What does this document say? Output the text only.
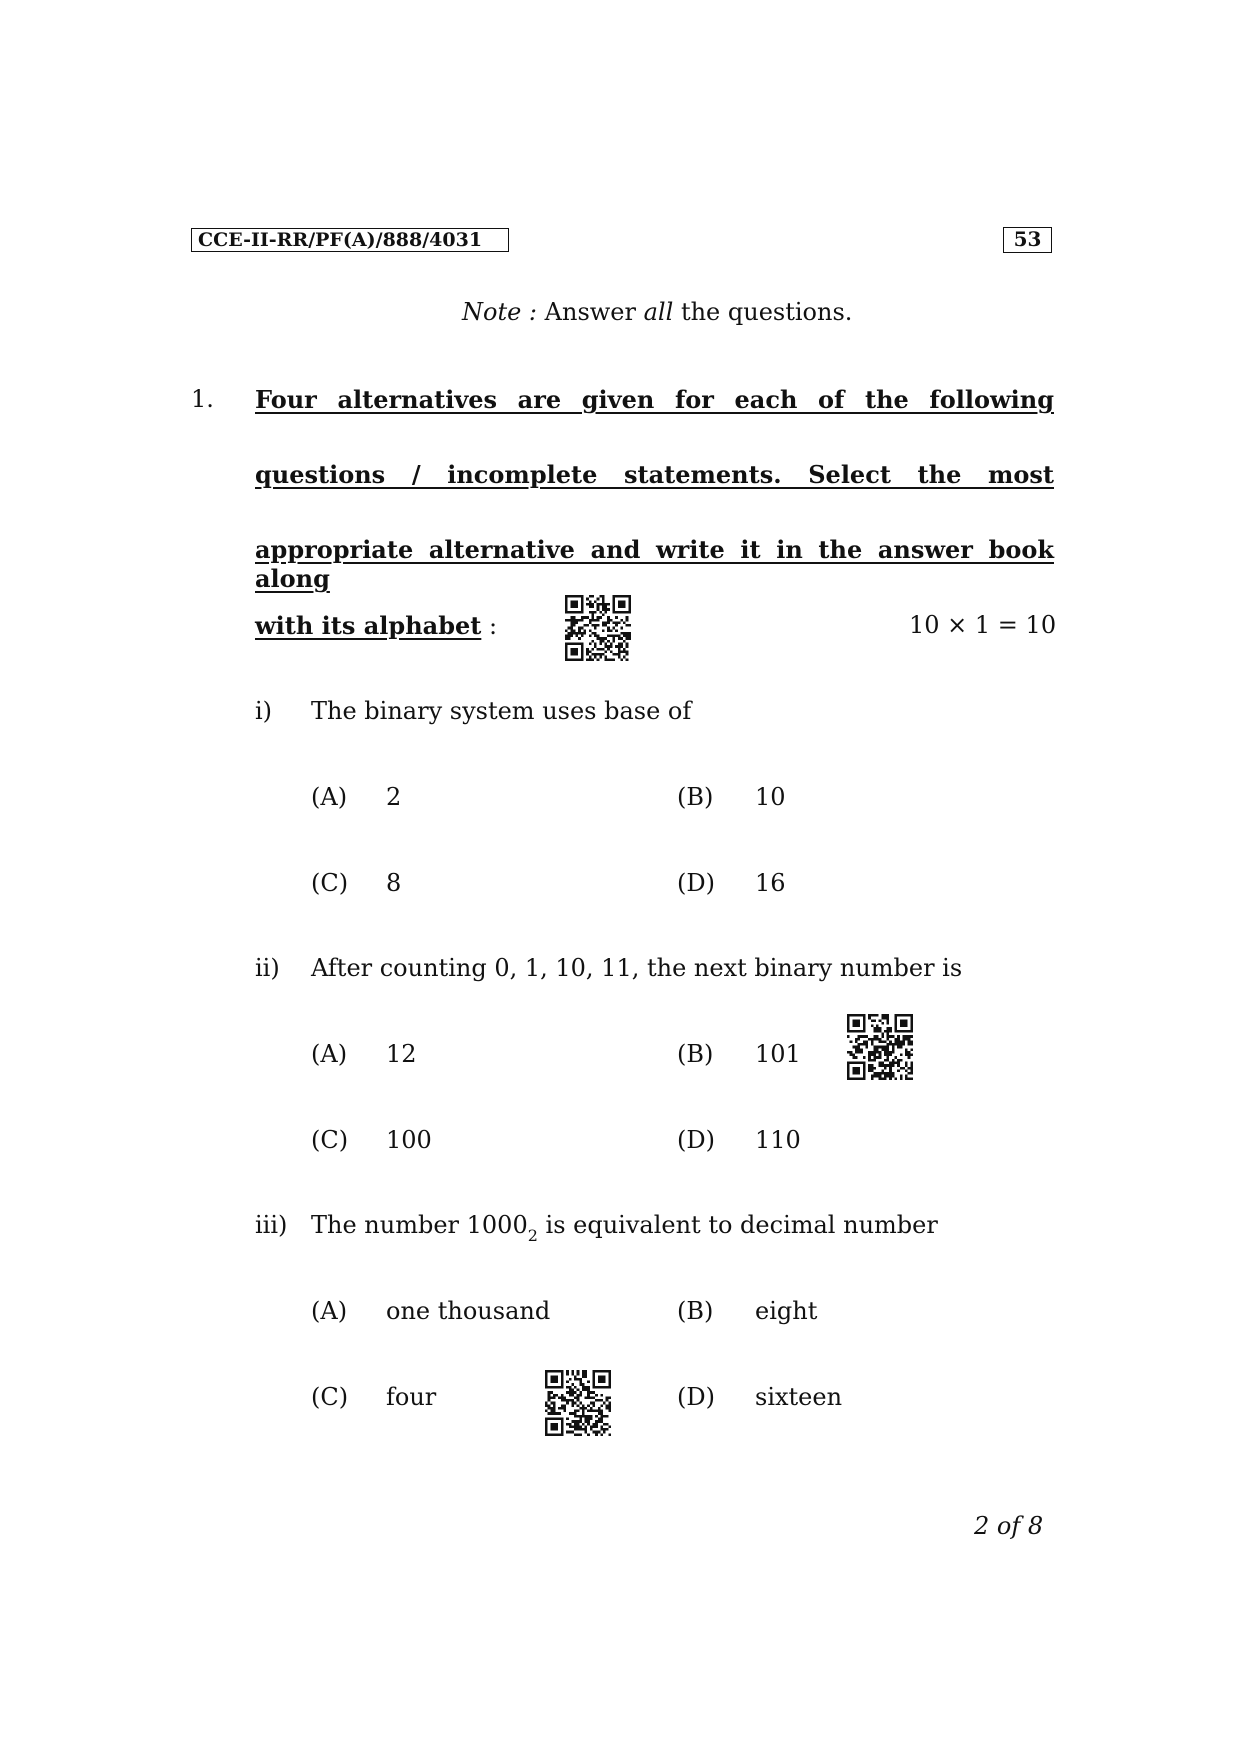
CCE-II-RR/PF(A)/888/4031	53
Note : Answer all the questions.
1. Four alternatives are given for each of the following
questions / incomplete statements. Select the most
appropriate alternative and write it in the answer book along
with its alphabet :	10 × 1 = 10
i) The binary system uses base of
(A) 2	(B) 10
(C) 8	(D) 16
ii) After counting 0, 1, 10, 11, the next binary number is
(A) 12	(B) 101
(C) 100	(D) 110
iii) The number $1000_2$ is equivalent to decimal number
(A) one thousand	(B) eight
(C) four	(D) sixteen
2 of 8
